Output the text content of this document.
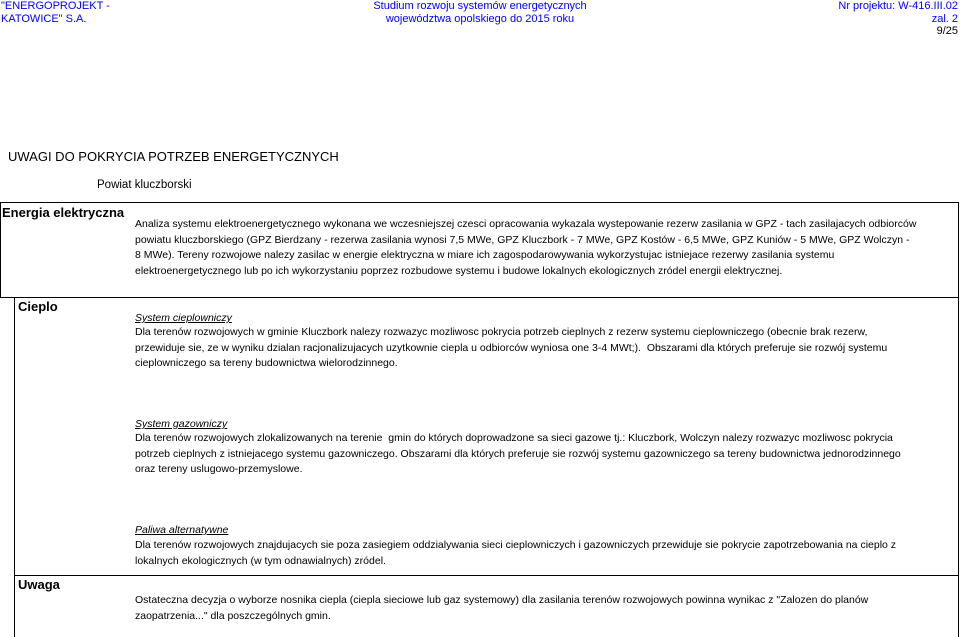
"ENERGOPROJEKT -
KATOWICE" S.A.
Studium rozwoju systemów energetycznych
województwa opolskiego do 2015 roku
Nr projektu: W-416.III.02
zal. 2
9/25
UWAGI DO POKRYCIA POTRZEB ENERGETYCZNYCH
Powiat kluczborski
Energia elektryczna
Analiza systemu elektroenergetycznego wykonana we wczesniejszej czesci opracowania wykazala wystepowanie rezerw zasilania w GPZ - tach zasilajacych odbiorców
powiatu kluczborskiego (GPZ Bierdzany - rezerwa zasilania wynosi 7,5 MWe, GPZ Kluczbork - 7 MWe, GPZ Kostów - 6,5 MWe, GPZ Kuniów - 5 MWe, GPZ Wolczyn -
8 MWe). Tereny rozwojowe nalezy zasilac w energie elektryczna w miare ich zagospodarowywania wykorzystujac istniejace rezerwy zasilania systemu
elektroenergetycznego lub po ich wykorzystaniu poprzez rozbudowe systemu i budowe lokalnych ekologicznych zródel energii elektrycznej.
Cieplo
System cieplowniczy
Dla terenów rozwojowych w gminie Kluczbork nalezy rozwazyc mozliwosc pokrycia potrzeb cieplnych z rezerw systemu cieplowniczego (obecnie brak rezerw,
przewiduje sie, ze w wyniku dzialan racjonalizujacych uzytkownie ciepla u odbiorców wyniosa one 3-4 MWt;).  Obszarami dla których preferuje sie rozwój systemu
cieplowniczego sa tereny budownictwa wielorodzinnego.
System gazowniczy
Dla terenów rozwojowych zlokalizowanych na terenie  gmin do których doprowadzone sa sieci gazowe tj.: Kluczbork, Wolczyn nalezy rozwazyc mozliwosc pokrycia
potrzeb cieplnych z istniejacego systemu gazowniczego. Obszarami dla których preferuje sie rozwój systemu gazowniczego sa tereny budownictwa jednorodzinnego
oraz tereny uslugowo-przemyslowe.
Paliwa alternatywne
Dla terenów rozwojowych znajdujacych sie poza zasiegiem oddzialywania sieci cieplowniczych i gazowniczych przewiduje sie pokrycie zapotrzebowania na cieplo z
lokalnych ekologicznych (w tym odnawialnych) zródel.
Uwaga
Ostateczna decyzja o wyborze nosnika ciepla (ciepla sieciowe lub gaz systemowy) dla zasilania terenów rozwojowych powinna wynikac z "Zalozen do planów
zaopatrzenia..." dla poszczególnych gmin.
